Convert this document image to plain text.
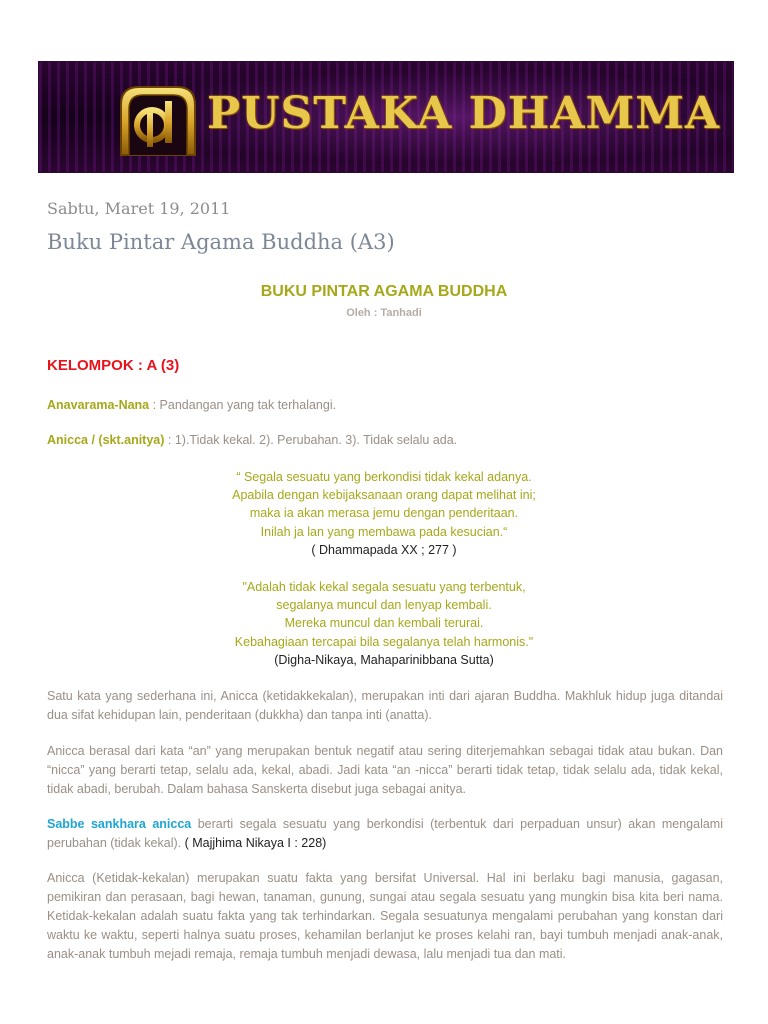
PUSTAKA DHAMMA
Sabtu, Maret 19, 2011
Buku Pintar Agama Buddha (A3)
BUKU PINTAR AGAMA BUDDHA
Oleh : Tanhadi
KELOMPOK : A (3)
Anavarama-Nana : Pandangan yang tak terhalangi.
Anicca / (skt.anitya) : 1).Tidak kekal. 2). Perubahan. 3). Tidak selalu ada.
“ Segala sesuatu yang berkondisi tidak kekal adanya.
Apabila dengan kebijaksanaan orang dapat melihat ini;
maka ia akan merasa jemu dengan penderitaan.
Inilah ja lan yang membawa pada kesucian.“
( Dhammapada XX ; 277 )
"Adalah tidak kekal segala sesuatu yang terbentuk,
segalanya muncul dan lenyap kembali.
Mereka muncul dan kembali terurai.
Kebahagiaan tercapai bila segalanya telah harmonis."
(Digha-Nikaya, Mahaparinibbana Sutta)
Satu kata yang sederhana ini, Anicca (ketidakkekalan), merupakan inti dari ajaran Buddha. Makhluk hidup juga ditandai dua sifat kehidupan lain, penderitaan (dukkha) dan tanpa inti (anatta).
Anicca berasal dari kata “an” yang merupakan bentuk negatif atau sering diterjemahkan sebagai tidak atau bukan. Dan “nicca” yang berarti tetap, selalu ada, kekal, abadi. Jadi kata “an -nicca” berarti tidak tetap, tidak selalu ada, tidak kekal, tidak abadi, berubah. Dalam bahasa Sanskerta disebut juga sebagai anitya.
Sabbe sankhara anicca berarti segala sesuatu yang berkondisi (terbentuk dari perpaduan unsur) akan mengalami perubahan (tidak kekal). ( Majjhima Nikaya I : 228)
Anicca (Ketidak-kekalan) merupakan suatu fakta yang bersifat Universal. Hal ini berlaku bagi manusia, gagasan, pemikiran dan perasaan, bagi hewan, tanaman, gunung, sungai atau segala sesuatu yang mungkin bisa kita beri nama. Ketidak-kekalan adalah suatu fakta yang tak terhindarkan. Segala sesuatunya mengalami perubahan yang konstan dari waktu ke waktu, seperti halnya suatu proses, kehamilan berlanjut ke proses kelahi ran, bayi tumbuh menjadi anak-anak, anak-anak tumbuh mejadi remaja, remaja tumbuh menjadi dewasa, lalu menjadi tua dan mati.
